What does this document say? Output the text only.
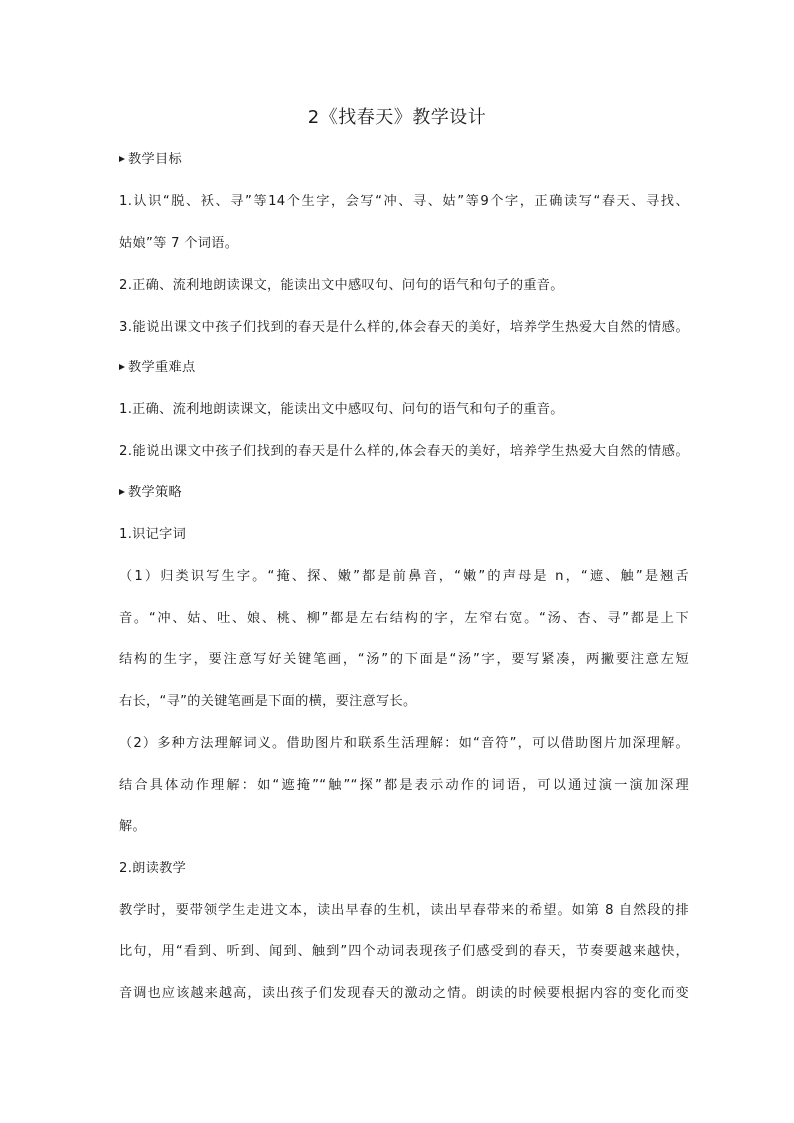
2《找春天》教学设计
教学目标
1.认识“脱、袄、寻”等14个生字，会写“冲、寻、姑”等9个字，正确读写“春天、寻找、
姑娘”等 7 个词语。
2.正确、流利地朗读课文，能读出文中感叹句、问句的语气和句子的重音。
3.能说出课文中孩子们找到的春天是什么样的,体会春天的美好，培养学生热爱大自然的情感。
教学重难点
1.正确、流利地朗读课文，能读出文中感叹句、问句的语气和句子的重音。
2.能说出课文中孩子们找到的春天是什么样的,体会春天的美好，培养学生热爱大自然的情感。
教学策略
1.识记字词
（1）归类识写生字。“掩、探、嫩”都是前鼻音，“嫩”的声母是 n，“遮、触”是翘舌
音。“冲、姑、吐、娘、桃、柳”都是左右结构的字，左窄右宽。“汤、杏、寻”都是上下
结构的生字，要注意写好关键笔画，“汤”的下面是“汤”字，要写紧凑，两撇要注意左短
右长，“寻”的关键笔画是下面的横，要注意写长。
（2）多种方法理解词义。借助图片和联系生活理解：如“音符”，可以借助图片加深理解。
结合具体动作理解：如“遮掩”“触”“探”都是表示动作的词语，可以通过演一演加深理
解。
2.朗读教学
教学时，要带领学生走进文本，读出早春的生机，读出早春带来的希望。如第 8 自然段的排
比句，用“看到、听到、闻到、触到”四个动词表现孩子们感受到的春天，节奏要越来越快，
音调也应该越来越高，读出孩子们发现春天的激动之情。朗读的时候要根据内容的变化而变
